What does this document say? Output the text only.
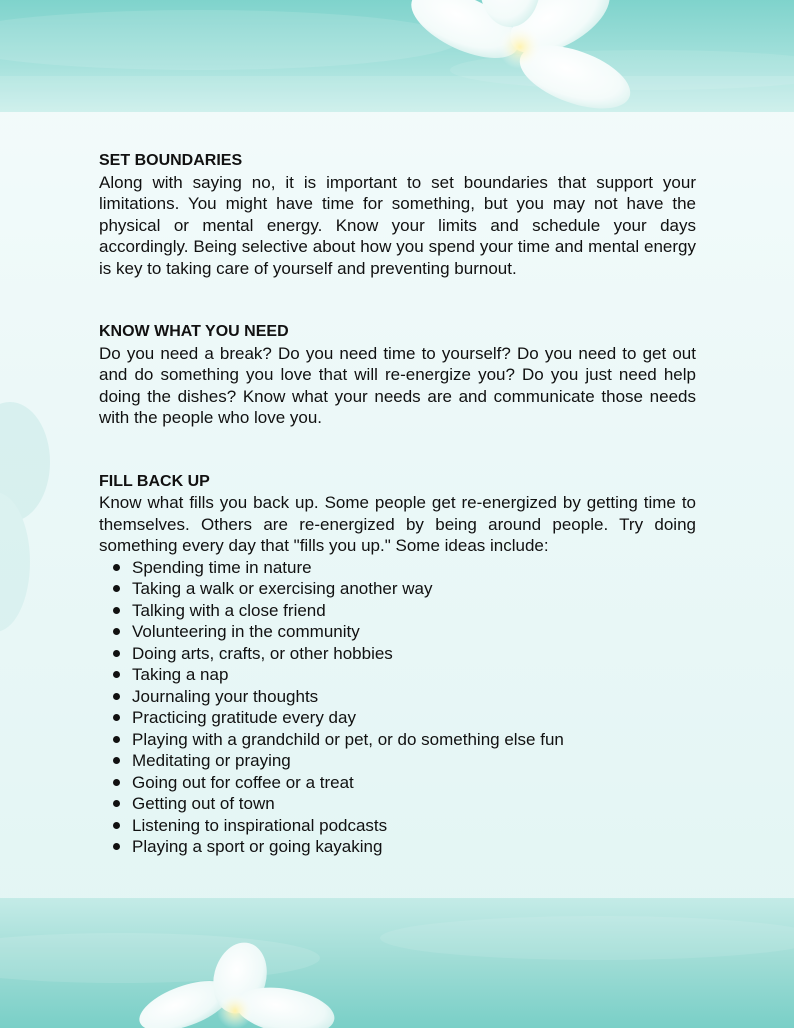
SET BOUNDARIES

Along with saying no, it is important to set boundaries that support your limitations. You might have time for something, but you may not have the physical or mental energy. Know your limits and schedule your days accordingly. Being selective about how you spend your time and mental energy is key to taking care of yourself and preventing burnout.

KNOW WHAT YOU NEED

Do you need a break? Do you need time to yourself? Do you need to get out and do something you love that will re-energize you? Do you just need help doing the dishes? Know what your needs are and communicate those needs with the people who love you.

FILL BACK UP

Know what fills you back up. Some people get re-energized by getting time to themselves. Others are re-energized by being around people. Try doing something every day that "fills you up." Some ideas include:

Spending time in nature
Taking a walk or exercising another way
Talking with a close friend
Volunteering in the community
Doing arts, crafts, or other hobbies
Taking a nap
Journaling your thoughts
Practicing gratitude every day
Playing with a grandchild or pet, or do something else fun
Meditating or praying
Going out for coffee or a treat
Getting out of town
Listening to inspirational podcasts
Playing a sport or going kayaking
